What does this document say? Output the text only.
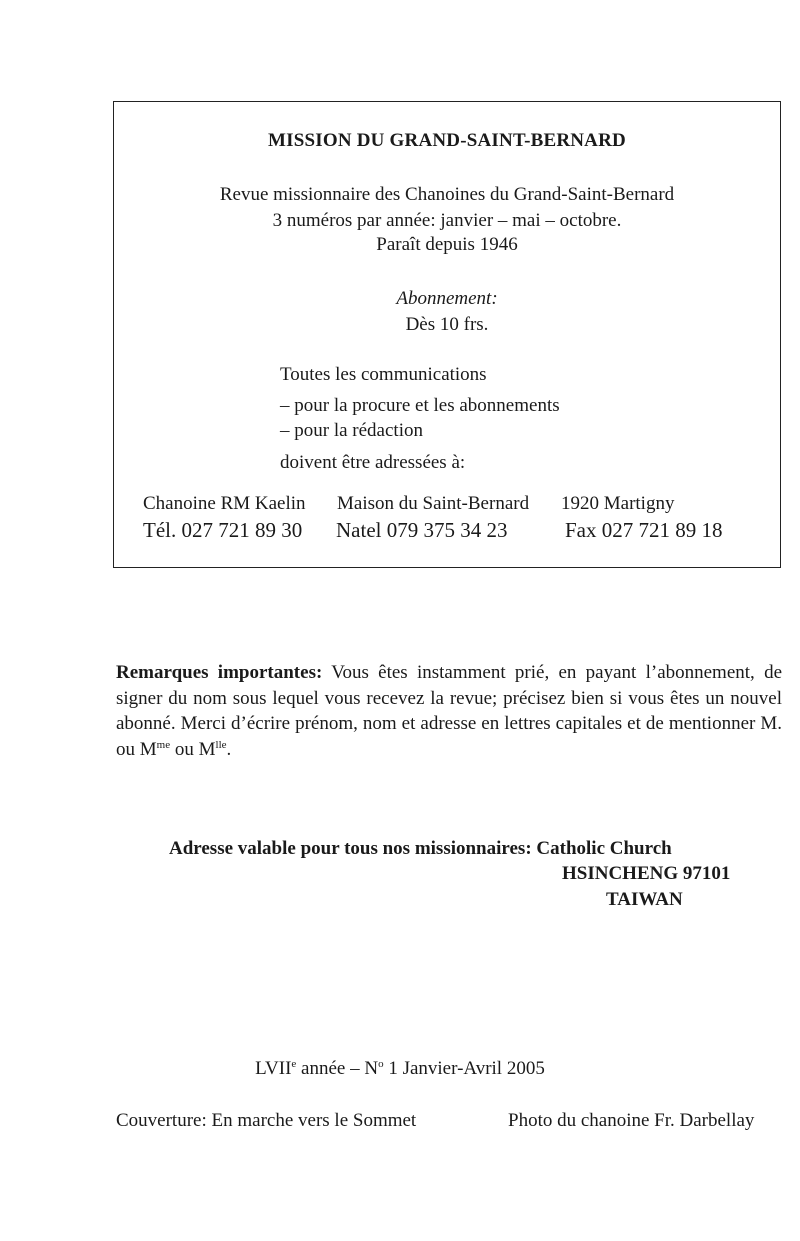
MISSION DU GRAND-SAINT-BERNARD
Revue missionnaire des Chanoines du Grand-Saint-Bernard
3 numéros par année: janvier – mai – octobre.
Paraît depuis 1946
Abonnement:
Dès 10 frs.
Toutes les communications
– pour la procure et les abonnements
– pour la rédaction
doivent être adressées à:
Chanoine RM Kaelin Maison du Saint-Bernard 1920 Martigny
Tél. 027 721 89 30 Natel 079 375 34 23	Fax 027 721 89 18
Remarques importantes: Vous êtes instamment prié, en payant l’abonnement, de signer du nom sous lequel vous recevez la revue; précisez bien si vous êtes un nouvel abonné. Merci d’écrire prénom, nom et adresse en lettres capitales et de mentionner M. ou $M^{me}$ ou $M^{lle}$.
Adresse valable pour tous nos missionnaires: Catholic Church
HSINCHENG 97101
TAIWAN
LVIIe année – $N^o$ 1 Janvier-Avril 2005
Couverture: En marche vers le Sommet	Photo du chanoine Fr. Darbellay
